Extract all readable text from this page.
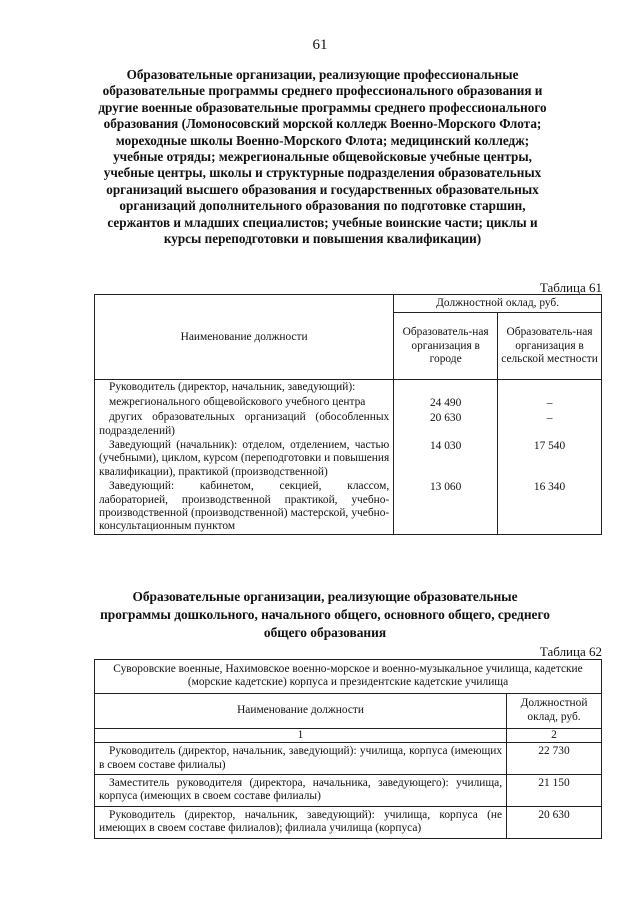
61
Образовательные организации, реализующие профессиональные образовательные программы среднего профессионального образования и другие военные образовательные программы среднего профессионального образования (Ломоносовский морской колледж Военно-Морского Флота; мореходные школы Военно-Морского Флота; медицинский колледж; учебные отряды; межрегиональные общевойсковые учебные центры, учебные центры, школы и структурные подразделения образовательных организаций высшего образования и государственных образовательных организаций дополнительного образования по подготовке старшин, сержантов и младших специалистов; учебные воинские части; циклы и курсы переподготовки и повышения квалификации)
Таблица 61
Наименование должности	Должностной оклад, руб.	
	Образователь-ная организация в городе	Образователь-ная организация в сельской местности
Руководитель (директор, начальник, заведующий):		
межрегионального общевойскового учебного центра	24 490	–
других образовательных организаций (обособленных подразделений)	20 630	–
Заведующий (начальник): отделом, отделением, частью (учебными), циклом, курсом (переподготовки и повышения квалификации), практикой (производственной)	14 030	17 540
Заведующий: кабинетом, секцией, классом, лабораторией, производственной практикой, учебно-производственной (производственной) мастерской, учебно-консультационным пунктом	13 060	16 340
Образовательные организации, реализующие образовательные программы дошкольного, начального общего, основного общего, среднего общего образования
Таблица 62
Суворовские военные, Нахимовское военно-морское и военно-музыкальное училища, кадетские (морские кадетские) корпуса и президентские кадетские училища	
Наименование должности	Должностной оклад, руб.
1	2
Руководитель (директор, начальник, заведующий): училища, корпуса (имеющих в своем составе филиалы)	22 730
Заместитель руководителя (директора, начальника, заведующего): училища, корпуса (имеющих в своем составе филиалы)	21 150
Руководитель (директор, начальник, заведующий): училища, корпуса (не имеющих в своем составе филиалов); филиала училища (корпуса)	20 630
